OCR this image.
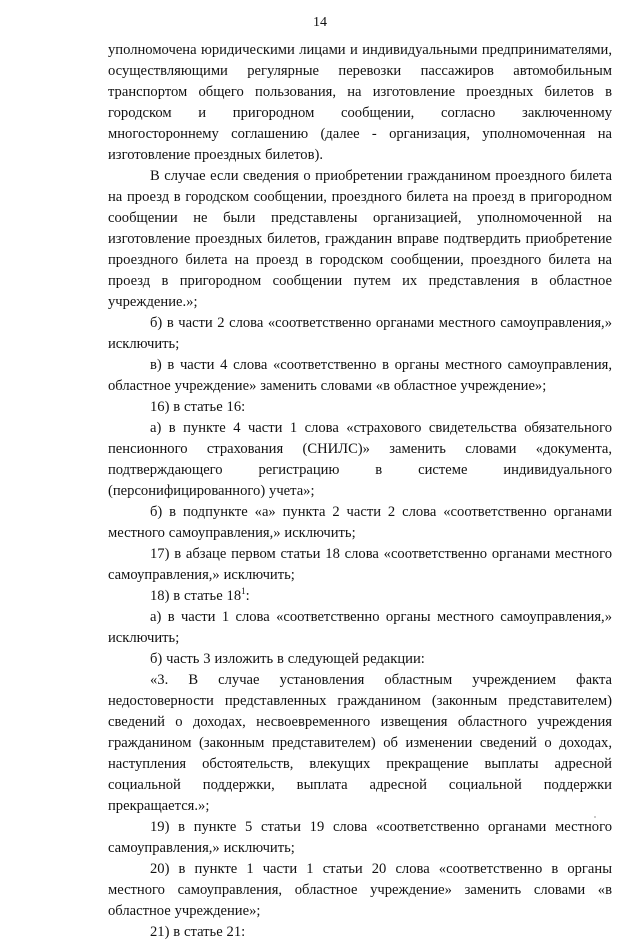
14

уполномочена юридическими лицами и индивидуальными предпринимателями, осуществляющими регулярные перевозки пассажиров автомобильным транспортом общего пользования, на изготовление проездных билетов в городском и пригородном сообщении, согласно заключенному многостороннему соглашению (далее - организация, уполномоченная на изготовление проездных билетов).

В случае если сведения о приобретении гражданином проездного билета на проезд в городском сообщении, проездного билета на проезд в пригородном сообщении не были представлены организацией, уполномоченной на изготовление проездных билетов, гражданин вправе подтвердить приобретение проездного билета на проезд в городском сообщении, проездного билета на проезд в пригородном сообщении путем их представления в областное учреждение.»;

б) в части 2 слова «соответственно органами местного самоуправления,» исключить;

в) в части 4 слова «соответственно в органы местного самоуправления, областное учреждение» заменить словами «в областное учреждение»;

16) в статье 16:

а) в пункте 4 части 1 слова «страхового свидетельства обязательного пенсионного страхования (СНИЛС)» заменить словами «документа, подтверждающего регистрацию в системе индивидуального (персонифицированного) учета»;

б) в подпункте «а» пункта 2 части 2 слова «соответственно органами местного самоуправления,» исключить;

17) в абзаце первом статьи 18 слова «соответственно органами местного самоуправления,» исключить;

18) в статье $18^1$:

а) в части 1 слова «соответственно органы местного самоуправления,» исключить;

б) часть 3 изложить в следующей редакции:

«3. В случае установления областным учреждением факта недостоверности представленных гражданином (законным представителем) сведений о доходах, несвоевременного извещения областного учреждения гражданином (законным представителем) об изменении сведений о доходах, наступления обстоятельств, влекущих прекращение выплаты адресной социальной поддержки, выплата адресной социальной поддержки прекращается.»;

19) в пункте 5 статьи 19 слова «соответственно органами местного самоуправления,» исключить;

20) в пункте 1 части 1 статьи 20 слова «соответственно в органы местного самоуправления, областное учреждение» заменить словами «в областное учреждение»;

21) в статье 21:
